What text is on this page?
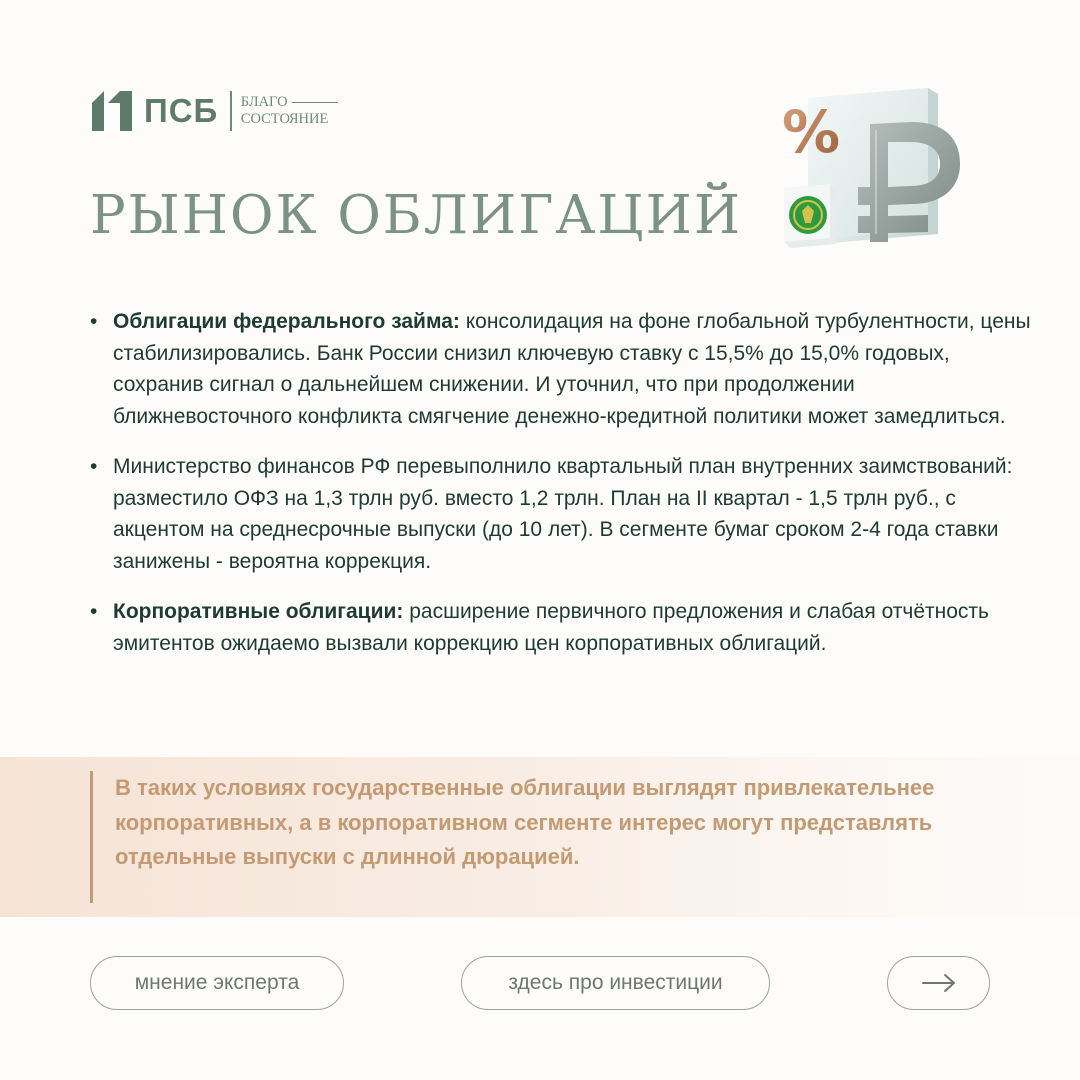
ПСБ БЛАГО
СОСТОЯНИЕ
РЫНОК ОБЛИГАЦИЙ
%
• Облигации федерального займа: консолидация на фоне глобальной турбулентности, цены стабилизировались. Банк России снизил ключевую ставку с 15,5% до 15,0% годовых, сохранив сигнал о дальнейшем снижении. И уточнил, что при продолжении ближневосточного конфликта смягчение денежно-кредитной политики может замедлиться.
• Министерство финансов РФ перевыполнило квартальный план внутренних заимствований: разместило ОФЗ на 1,3 трлн руб. вместо 1,2 трлн. План на II квартал - 1,5 трлн руб., с акцентом на среднесрочные выпуски (до 10 лет). В сегменте бумаг сроком 2-4 года ставки занижены - вероятна коррекция.
• Корпоративные облигации: расширение первичного предложения и слабая отчётность эмитентов ожидаемо вызвали коррекцию цен корпоративных облигаций.

В таких условиях государственные облигации выглядят привлекательнее корпоративных, а в корпоративном сегменте интерес могут представлять отдельные выпуски с длинной дюрацией.

мнение эксперта	здесь про инвестиции
